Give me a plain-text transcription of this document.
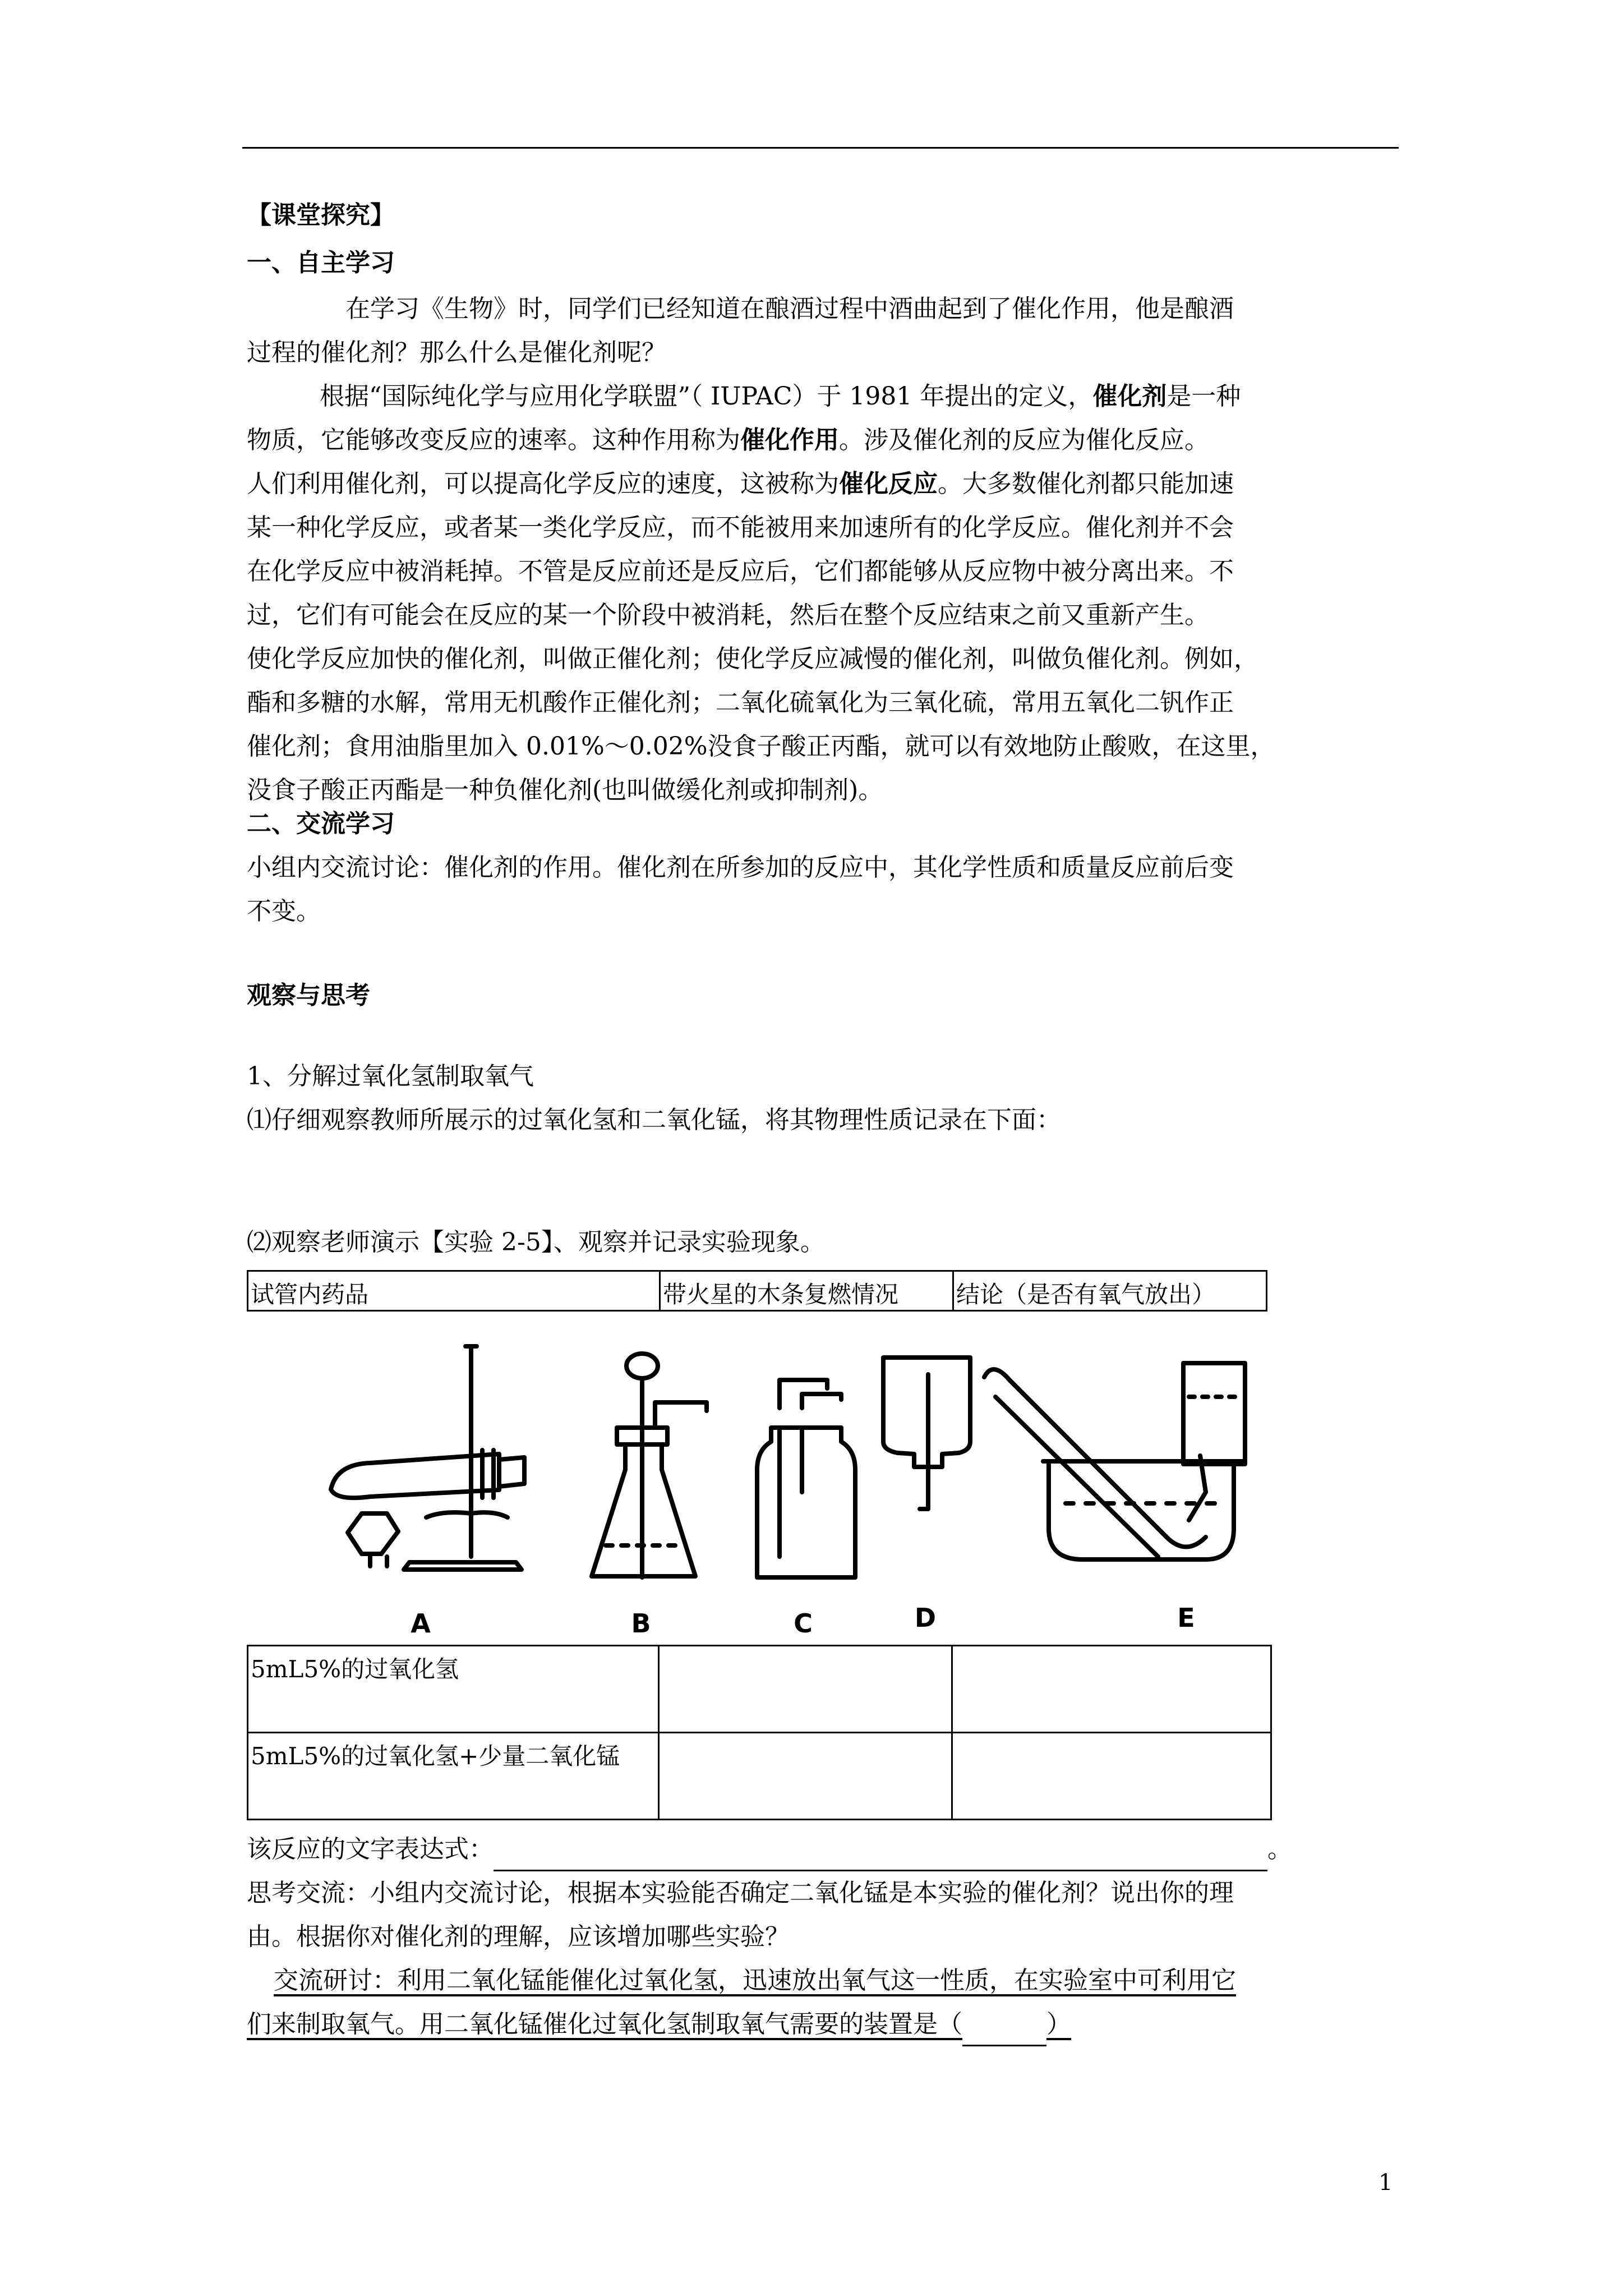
【课堂探究】
一、自主学习
在学习《生物》时，同学们已经知道在酿酒过程中酒曲起到了催化作用，他是酿酒
过程的催化剂？那么什么是催化剂呢？
根据“国际纯化学与应用化学联盟”（ IUPAC）于 1981 年提出的定义，催化剂是一种
物质，它能够改变反应的速率。这种作用称为催化作用。涉及催化剂的反应为催化反应。
人们利用催化剂，可以提高化学反应的速度，这被称为催化反应。大多数催化剂都只能加速
某一种化学反应，或者某一类化学反应，而不能被用来加速所有的化学反应。催化剂并不会
在化学反应中被消耗掉。不管是反应前还是反应后，它们都能够从反应物中被分离出来。不
过，它们有可能会在反应的某一个阶段中被消耗，然后在整个反应结束之前又重新产生。
使化学反应加快的催化剂，叫做正催化剂；使化学反应减慢的催化剂，叫做负催化剂。例如，
酯和多糖的水解，常用无机酸作正催化剂；二氧化硫氧化为三氧化硫，常用五氧化二钒作正
催化剂；食用油脂里加入 0.01%～0.02%没食子酸正丙酯，就可以有效地防止酸败，在这里，
没食子酸正丙酯是一种负催化剂(也叫做缓化剂或抑制剂)。
二、交流学习
小组内交流讨论：催化剂的作用。催化剂在所参加的反应中，其化学性质和质量反应前后变
不变。
观察与思考
1、分解过氧化氢制取氧气
⑴仔细观察教师所展示的过氧化氢和二氧化锰，将其物理性质记录在下面：
⑵观察老师演示【实验 2-5】、观察并记录实验现象。
试管内药品	带火星的木条复燃情况	结论（是否有氧气放出）
A	B	C	D	E
5mL5%的过氧化氢		
5mL5%的过氧化氢+少量二氧化锰		
该反应的文字表达式：	。
思考交流：小组内交流讨论，根据本实验能否确定二氧化锰是本实验的催化剂？说出你的理
由。根据你对催化剂的理解，应该增加哪些实验？
交流研讨：利用二氧化锰能催化过氧化氢，迅速放出氧气这一性质，在实验室中可利用它
们来制取氧气。用二氧化锰催化过氧化氢制取氧气需要的装置是（	）
1
